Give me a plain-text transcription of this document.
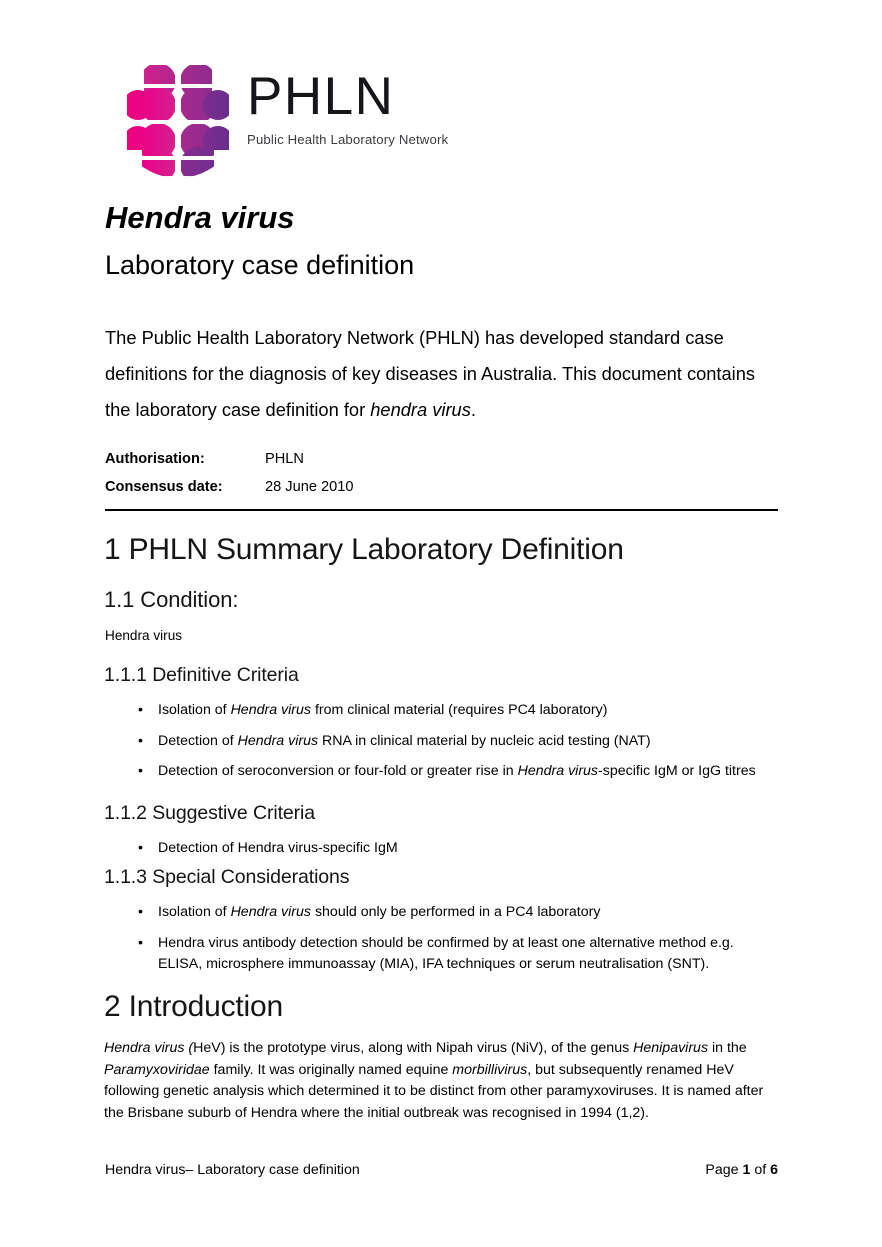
PHLN
Public Health Laboratory Network
Hendra virus
Laboratory case definition
The Public Health Laboratory Network (PHLN) has developed standard case definitions for the diagnosis of key diseases in Australia. This document contains the laboratory case definition for hendra virus.
Authorisation:	PHLN
Consensus date:	28 June 2010
1 PHLN Summary Laboratory Definition
1.1 Condition:
Hendra virus
1.1.1 Definitive Criteria
• Isolation of Hendra virus from clinical material (requires PC4 laboratory)
• Detection of Hendra virus RNA in clinical material by nucleic acid testing (NAT)
• Detection of seroconversion or four-fold or greater rise in Hendra virus-specific IgM or IgG titres
1.1.2 Suggestive Criteria
• Detection of Hendra virus-specific IgM
1.1.3 Special Considerations
• Isolation of Hendra virus should only be performed in a PC4 laboratory
• Hendra virus antibody detection should be confirmed by at least one alternative method e.g. ELISA, microsphere immunoassay (MIA), IFA techniques or serum neutralisation (SNT).
2 Introduction
Hendra virus (HeV) is the prototype virus, along with Nipah virus (NiV), of the genus Henipavirus in the Paramyxoviridae family. It was originally named equine morbillivirus, but subsequently renamed HeV following genetic analysis which determined it to be distinct from other paramyxoviruses. It is named after the Brisbane suburb of Hendra where the initial outbreak was recognised in 1994 (1,2).
Hendra virus– Laboratory case definition	Page 1 of 6
